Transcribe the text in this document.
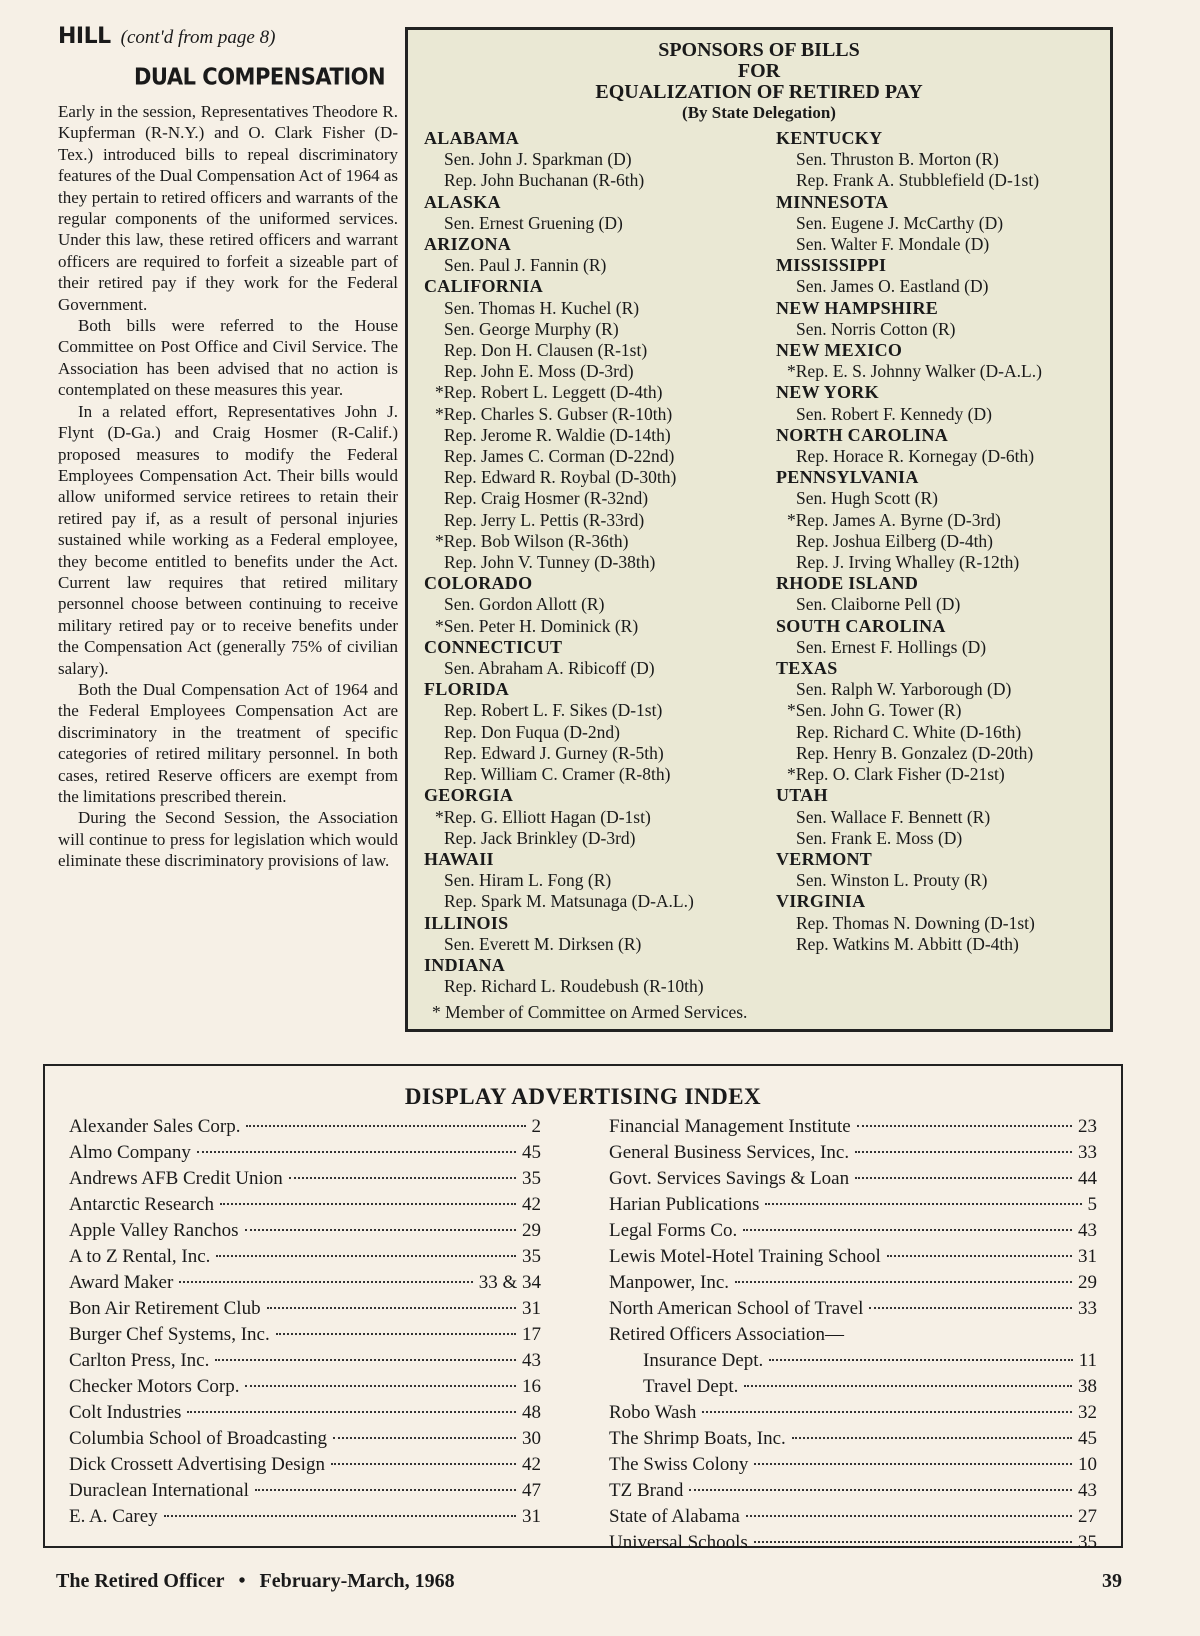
HILL (cont'd from page 8)
DUAL COMPENSATION

Early in the session, Representatives Theodore R. Kupferman (R-N.Y.) and O. Clark Fisher (D-Tex.) introduced bills to repeal discriminatory features of the Dual Compensation Act of 1964 as they pertain to retired officers and warrants of the regular components of the uniformed services. Under this law, these retired officers and warrant officers are required to forfeit a sizeable part of their retired pay if they work for the Federal Government.

Both bills were referred to the House Committee on Post Office and Civil Service. The Association has been advised that no action is contemplated on these measures this year.

In a related effort, Representatives John J. Flynt (D-Ga.) and Craig Hosmer (R-Calif.) proposed measures to modify the Federal Employees Compensation Act. Their bills would allow uniformed service retirees to retain their retired pay if, as a result of personal injuries sustained while working as a Federal employee, they become entitled to benefits under the Act. Current law requires that retired military personnel choose between continuing to receive military retired pay or to receive benefits under the Compensation Act (generally 75% of civilian salary).

Both the Dual Compensation Act of 1964 and the Federal Employees Compensation Act are discriminatory in the treatment of specific categories of retired military personnel. In both cases, retired Reserve officers are exempt from the limitations prescribed therein.

During the Second Session, the Association will continue to press for legislation which would eliminate these discriminatory provisions of law.

SPONSORS OF BILLS
FOR
EQUALIZATION OF RETIRED PAY
(By State Delegation)
ALABAMA
Sen. John J. Sparkman (D)
Rep. John Buchanan (R-6th)
ALASKA
Sen. Ernest Gruening (D)
ARIZONA
Sen. Paul J. Fannin (R)
CALIFORNIA
Sen. Thomas H. Kuchel (R)
Sen. George Murphy (R)
Rep. Don H. Clausen (R-1st)
Rep. John E. Moss (D-3rd)
*Rep. Robert L. Leggett (D-4th)
*Rep. Charles S. Gubser (R-10th)
Rep. Jerome R. Waldie (D-14th)
Rep. James C. Corman (D-22nd)
Rep. Edward R. Roybal (D-30th)
Rep. Craig Hosmer (R-32nd)
Rep. Jerry L. Pettis (R-33rd)
*Rep. Bob Wilson (R-36th)
Rep. John V. Tunney (D-38th)
COLORADO
Sen. Gordon Allott (R)
*Sen. Peter H. Dominick (R)
CONNECTICUT
Sen. Abraham A. Ribicoff (D)
FLORIDA
Rep. Robert L. F. Sikes (D-1st)
Rep. Don Fuqua (D-2nd)
Rep. Edward J. Gurney (R-5th)
Rep. William C. Cramer (R-8th)
GEORGIA
*Rep. G. Elliott Hagan (D-1st)
Rep. Jack Brinkley (D-3rd)
HAWAII
Sen. Hiram L. Fong (R)
Rep. Spark M. Matsunaga (D-A.L.)
ILLINOIS
Sen. Everett M. Dirksen (R)
INDIANA
Rep. Richard L. Roudebush (R-10th)
KENTUCKY
Sen. Thruston B. Morton (R)
Rep. Frank A. Stubblefield (D-1st)
MINNESOTA
Sen. Eugene J. McCarthy (D)
Sen. Walter F. Mondale (D)
MISSISSIPPI
Sen. James O. Eastland (D)
NEW HAMPSHIRE
Sen. Norris Cotton (R)
NEW MEXICO
*Rep. E. S. Johnny Walker (D-A.L.)
NEW YORK
Sen. Robert F. Kennedy (D)
NORTH CAROLINA
Rep. Horace R. Kornegay (D-6th)
PENNSYLVANIA
Sen. Hugh Scott (R)
*Rep. James A. Byrne (D-3rd)
Rep. Joshua Eilberg (D-4th)
Rep. J. Irving Whalley (R-12th)
RHODE ISLAND
Sen. Claiborne Pell (D)
SOUTH CAROLINA
Sen. Ernest F. Hollings (D)
TEXAS
Sen. Ralph W. Yarborough (D)
*Sen. John G. Tower (R)
Rep. Richard C. White (D-16th)
Rep. Henry B. Gonzalez (D-20th)
*Rep. O. Clark Fisher (D-21st)
UTAH
Sen. Wallace F. Bennett (R)
Sen. Frank E. Moss (D)
VERMONT
Sen. Winston L. Prouty (R)
VIRGINIA
Rep. Thomas N. Downing (D-1st)
Rep. Watkins M. Abbitt (D-4th)
* Member of Committee on Armed Services.
DISPLAY ADVERTISING INDEX
Alexander Sales Corp.	2
Almo Company	45
Andrews AFB Credit Union	35
Antarctic Research	42
Apple Valley Ranchos	29
A to Z Rental, Inc.	35
Award Maker	33 & 34
Bon Air Retirement Club	31
Burger Chef Systems, Inc.	17
Carlton Press, Inc.	43
Checker Motors Corp.	16
Colt Industries	48
Columbia School of Broadcasting	30
Dick Crossett Advertising Design	42
Duraclean International	47
E. A. Carey	31
Financial Management Institute	23
General Business Services, Inc.	33
Govt. Services Savings & Loan	44
Harian Publications	5
Legal Forms Co.	43
Lewis Motel-Hotel Training School	31
Manpower, Inc.	29
North American School of Travel	33
Retired Officers Association—
Insurance Dept.	11
Travel Dept.	38
Robo Wash	32
The Shrimp Boats, Inc.	45
The Swiss Colony	10
TZ Brand	43
State of Alabama	27
Universal Schools	35
The Retired Officer • February-March, 1968	39
